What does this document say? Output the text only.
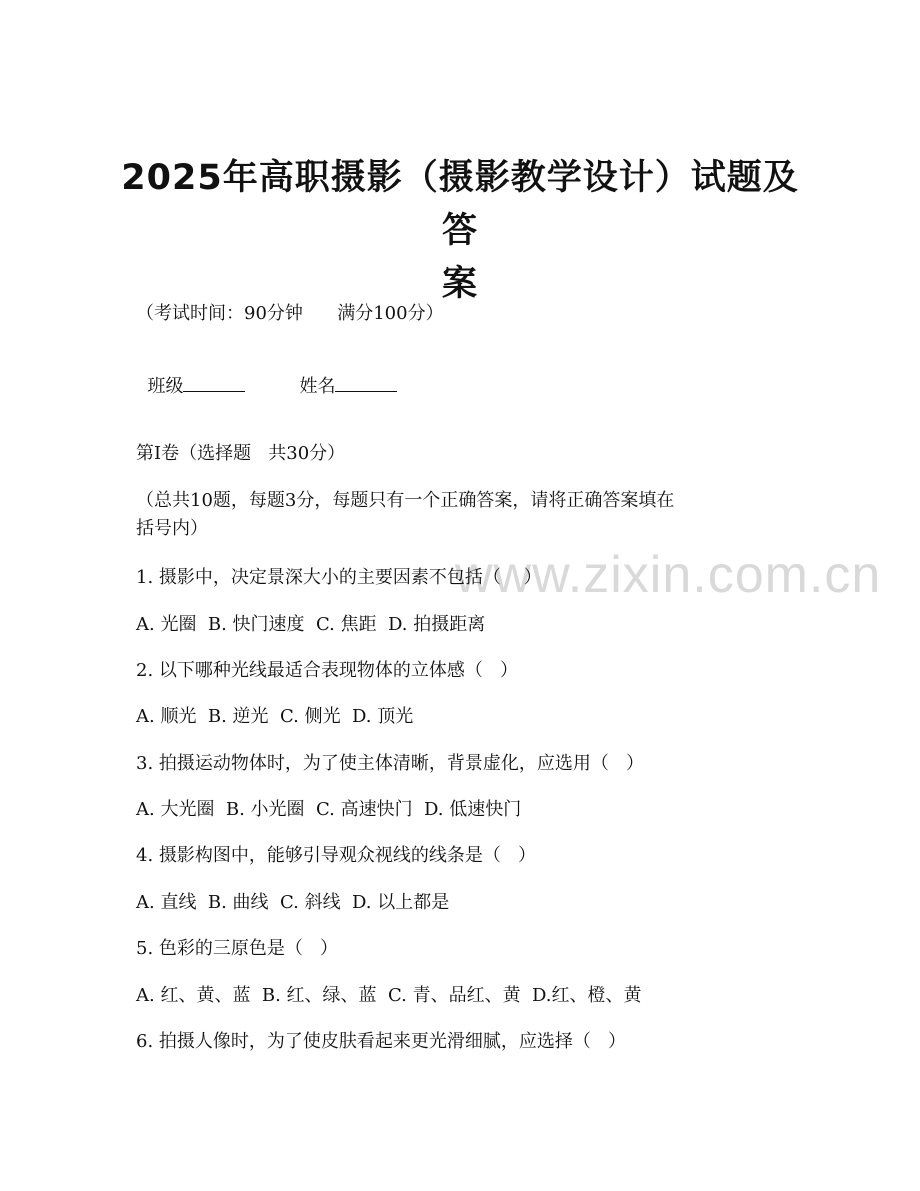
www.zixin.com.cn
2025年高职摄影（摄影教学设计）试题及答
案
（考试时间：90分钟      满分100分）

班级	姓名

第I卷（选择题   共30分）
（总共10题，每题3分，每题只有一个正确答案，请将正确答案填在
括号内）
1. 摄影中，决定景深大小的主要因素不包括（    ）
A. 光圈  B. 快门速度  C. 焦距  D. 拍摄距离
2. 以下哪种光线最适合表现物体的立体感（   ）
A. 顺光  B. 逆光  C. 侧光  D. 顶光
3. 拍摄运动物体时，为了使主体清晰，背景虚化，应选用（   ）
A. 大光圈  B. 小光圈  C. 高速快门  D. 低速快门
4. 摄影构图中，能够引导观众视线的线条是（   ）
A. 直线  B. 曲线  C. 斜线  D. 以上都是
5. 色彩的三原色是（   ）
A. 红、黄、蓝  B. 红、绿、蓝  C. 青、品红、黄  D.红、橙、黄
6. 拍摄人像时，为了使皮肤看起来更光滑细腻，应选择（   ）
